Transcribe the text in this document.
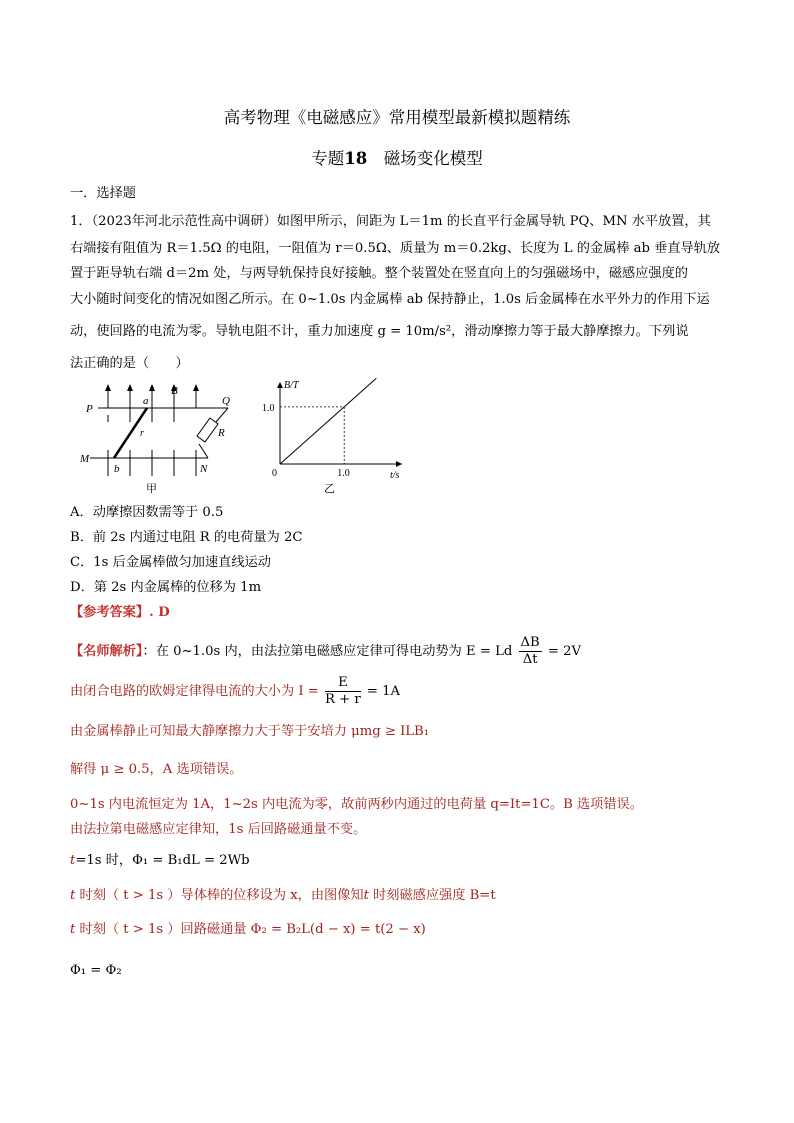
高考物理《电磁感应》常用模型最新模拟题精练
专题18　 磁场变化模型
一．选择题
1．（2023年河北示范性高中调研）如图甲所示，间距为 L＝1m 的长直平行金属导轨 PQ、MN 水平放置，其
右端接有阻值为 R＝1.5Ω 的电阻，一阻值为 r＝0.5Ω、质量为 m＝0.2kg、长度为 L 的金属棒 ab 垂直导轨放
置于距导轨右端 d＝2m 处，与两导轨保持良好接触。整个装置处在竖直向上的匀强磁场中，磁感应强度的
大小随时间变化的情况如图乙所示。在 0~1.0s 内金属棒 ab 保持静止，1.0s 后金属棒在水平外力的作用下运
动，使回路的电流为零。导轨电阻不计，重力加速度 g = 10m/s²，滑动摩擦力等于最大静摩擦力。下列说
法正确的是（　　）
P
Q
M
N
a
b
r	R
B
甲
B/T
t/s
0
1.0
1.0
乙
A．动摩擦因数需等于 0.5
B．前 2s 内通过电阻 R 的电荷量为 2C
C．1s 后金属棒做匀加速直线运动
D．第 2s 内金属棒的位移为 1m
【参考答案】. D
【名师解析】：在 0~1.0s 内，由法拉第电磁感应定律可得电动势为 E = Ld $\frac{\Delta B}{\Delta t} = 2V$
由闭合电路的欧姆定律得电流的大小为 $I = \frac{E}{R + r} = 1A$
由金属棒静止可知最大静摩擦力大于等于安培力 μmg ≥ ILB₁
解得 μ ≥ 0.5，A 选项错误。
0~1s 内电流恒定为 1A，1~2s 内电流为零，故前两秒内通过的电荷量 q=It=1C。B 选项错误。
由法拉第电磁感应定律知，1s 后回路磁通量不变。
t=1s 时，Φ₁ = B₁dL = 2Wb
t 时刻（ t > 1s ）导体棒的位移设为 x，由图像知t 时刻磁感应强度 B=t
t 时刻（ t > 1s ）回路磁通量 Φ₂ = B₂L(d − x) = t(2 − x)
Φ₁ = Φ₂
